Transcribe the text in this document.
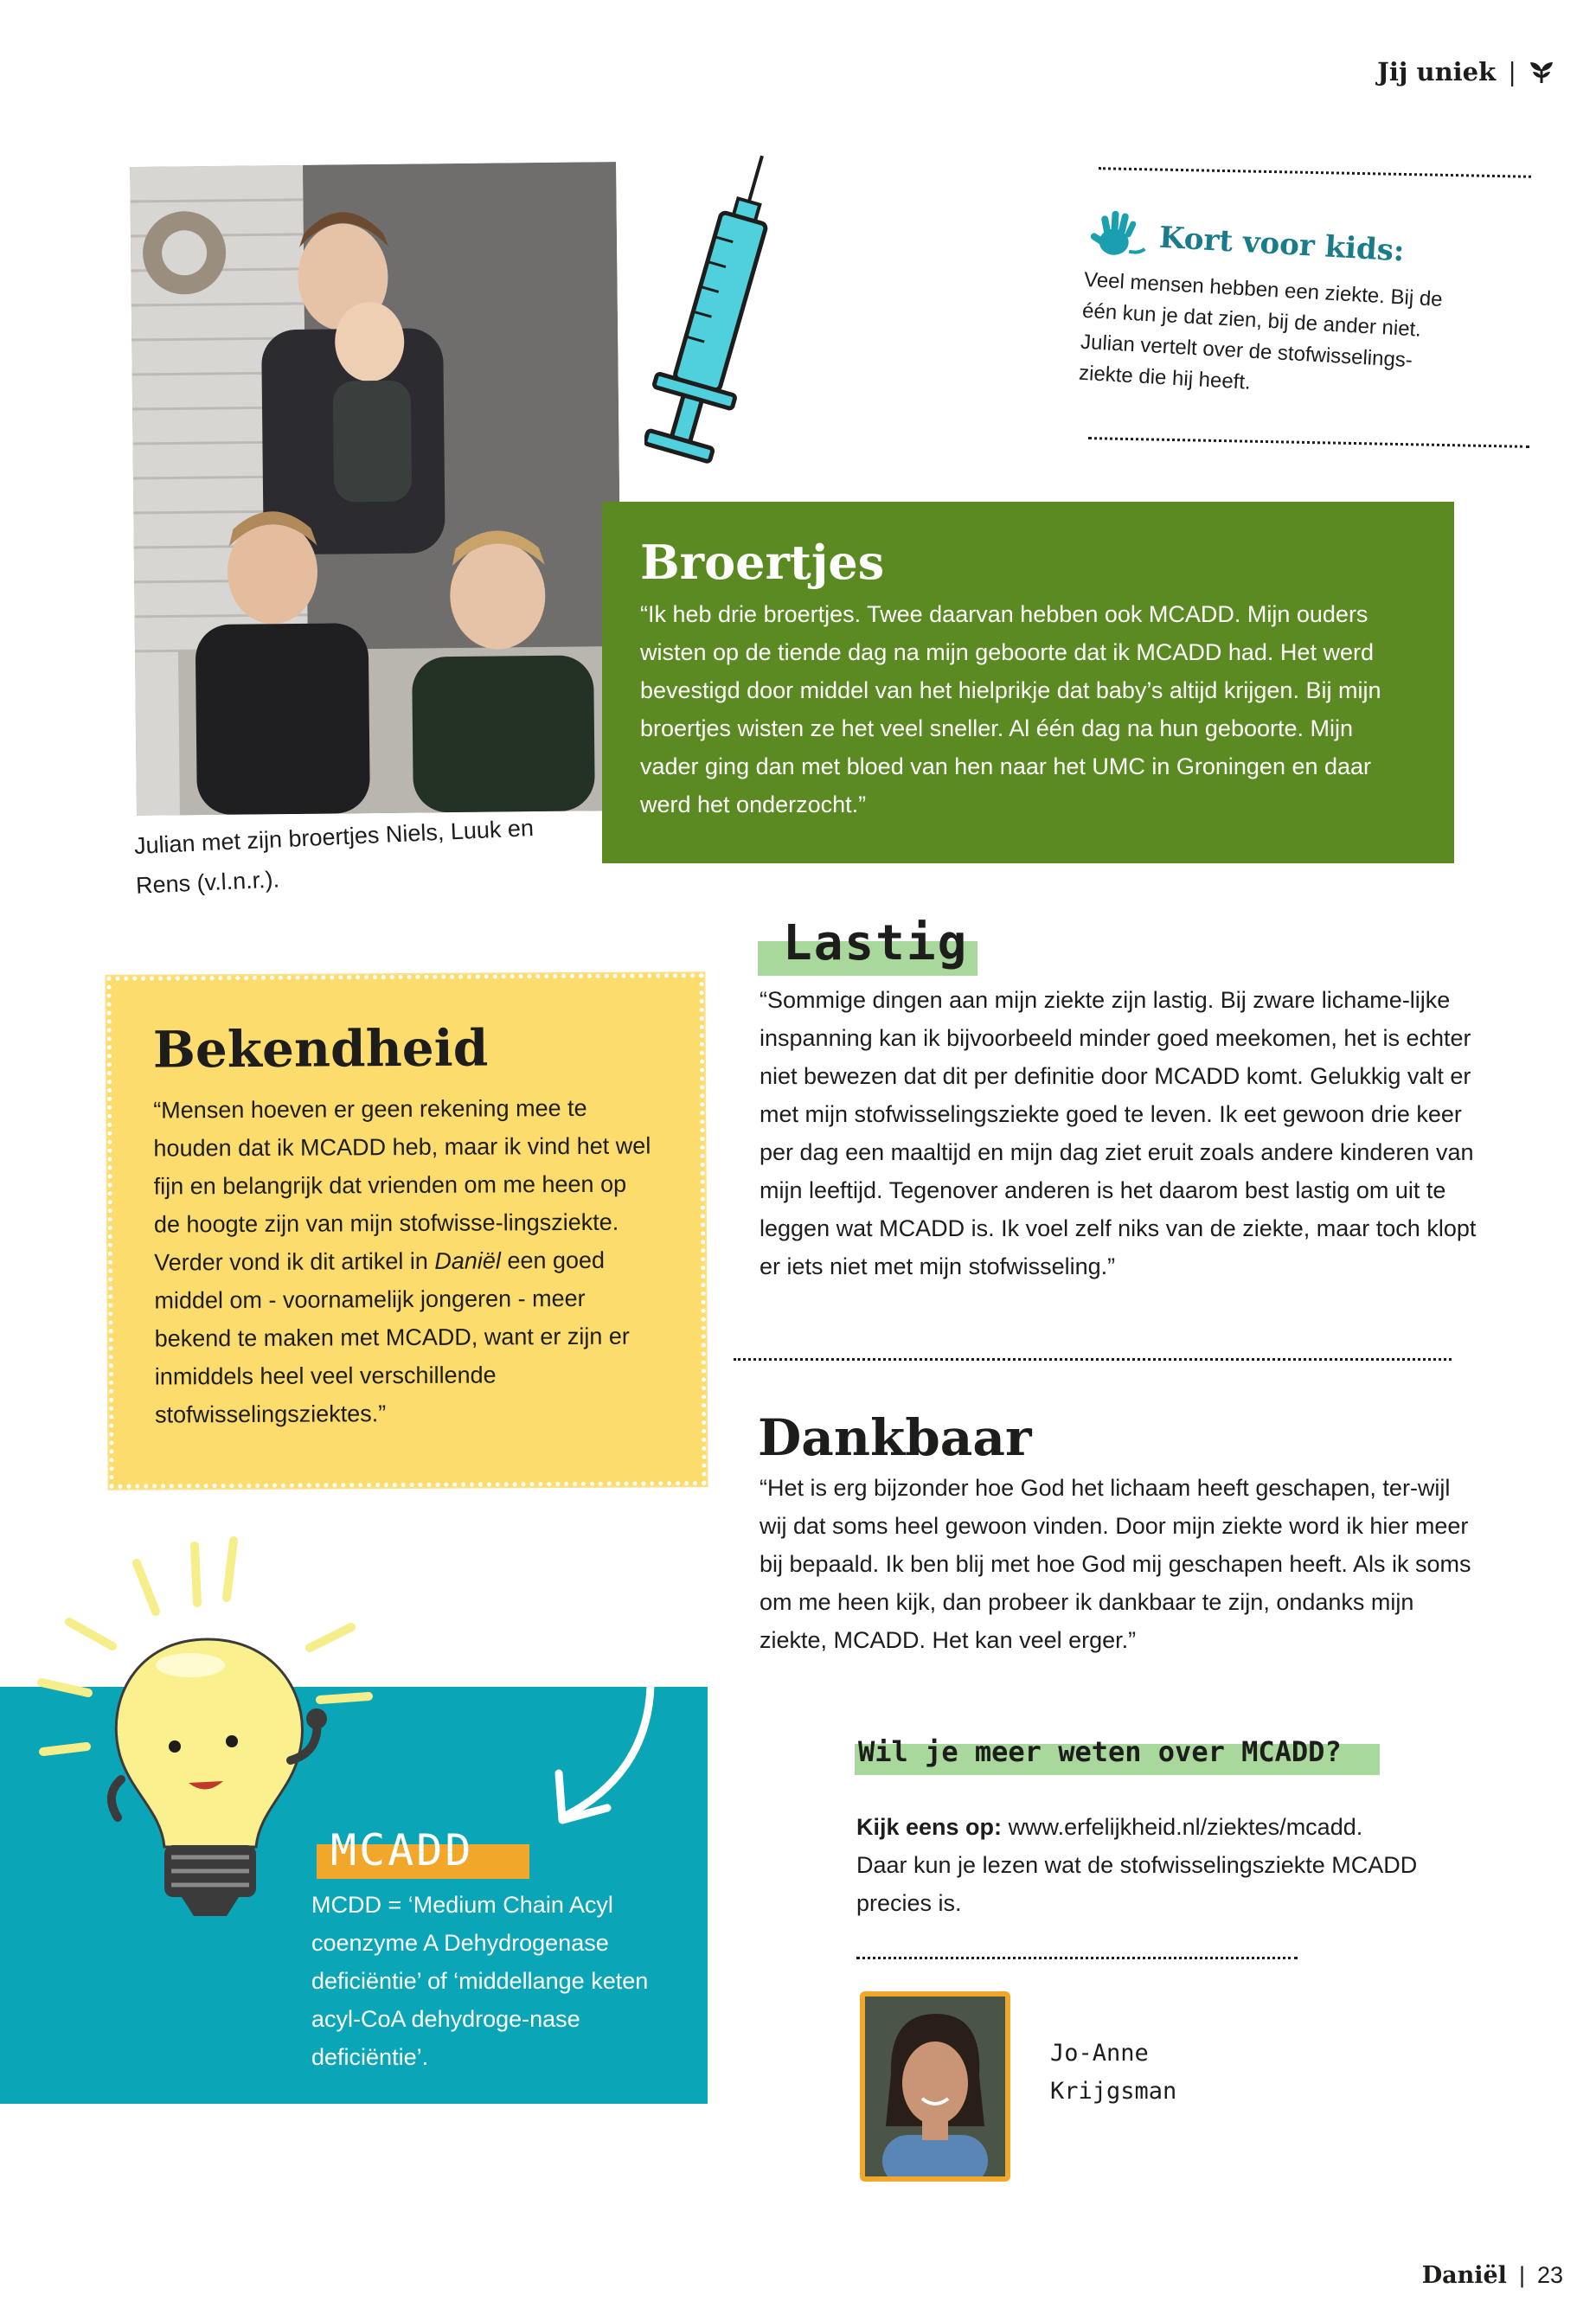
Jij uniek |
Julian met zijn broertjes Niels, Luuk en Rens (v.l.n.r.).
Kort voor kids:
Veel mensen hebben een ziekte. Bij de één kun je dat zien, bij de ander niet. Julian vertelt over de stofwisselings-ziekte die hij heeft.
Broertjes
“Ik heb drie broertjes. Twee daarvan hebben ook MCADD. Mijn ouders wisten op de tiende dag na mijn geboorte dat ik MCADD had. Het werd bevestigd door middel van het hielprikje dat baby’s altijd krijgen. Bij mijn broertjes wisten ze het veel sneller. Al één dag na hun geboorte. Mijn vader ging dan met bloed van hen naar het UMC in Groningen en daar werd het onderzocht.”
Bekendheid
“Mensen hoeven er geen rekening mee te houden dat ik MCADD heb, maar ik vind het wel fijn en belangrijk dat vrienden om me heen op de hoogte zijn van mijn stofwisse-lingsziekte. Verder vond ik dit artikel in Daniël een goed middel om - voornamelijk jongeren - meer bekend te maken met MCADD, want er zijn er inmiddels heel veel verschillende stofwisselingsziektes.”
Lastig
“Sommige dingen aan mijn ziekte zijn lastig. Bij zware lichame-lijke inspanning kan ik bijvoorbeeld minder goed meekomen, het is echter niet bewezen dat dit per definitie door MCADD komt. Gelukkig valt er met mijn stofwisselingsziekte goed te leven. Ik eet gewoon drie keer per dag een maaltijd en mijn dag ziet eruit zoals andere kinderen van mijn leeftijd. Tegenover anderen is het daarom best lastig om uit te leggen wat MCADD is. Ik voel zelf niks van de ziekte, maar toch klopt er iets niet met mijn stofwisseling.”
Dankbaar
“Het is erg bijzonder hoe God het lichaam heeft geschapen, ter-wijl wij dat soms heel gewoon vinden. Door mijn ziekte word ik hier meer bij bepaald. Ik ben blij met hoe God mij geschapen heeft. Als ik soms om me heen kijk, dan probeer ik dankbaar te zijn, ondanks mijn ziekte, MCADD. Het kan veel erger.”
MCADD
MCDD = ‘Medium Chain Acyl coenzyme A Dehydrogenase deficiëntie’ of ‘middellange keten acyl-CoA dehydroge-nase deficiëntie’.
Wil je meer weten over MCADD?
Kijk eens op: www.erfelijkheid.nl/ziektes/mcadd.
Daar kun je lezen wat de stofwisselingsziekte MCADD precies is.
Jo-Anne
Krijgsman
Daniël | 23
